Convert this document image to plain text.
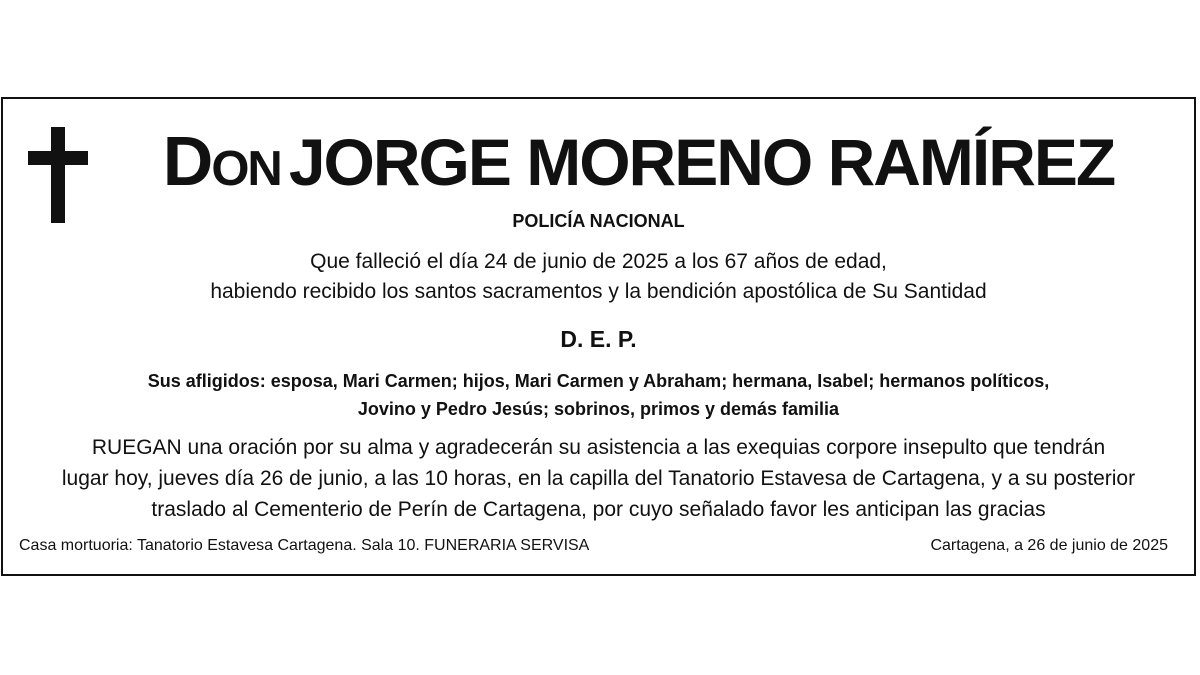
Don JORGE MORENO RAMÍREZ
POLICÍA NACIONAL
Que falleció el día 24 de junio de 2025 a los 67 años de edad,
habiendo recibido los santos sacramentos y la bendición apostólica de Su Santidad
D. E. P.
Sus afligidos: esposa, Mari Carmen; hijos, Mari Carmen y Abraham; hermana, Isabel; hermanos políticos,
Jovino y Pedro Jesús; sobrinos, primos y demás familia
RUEGAN una oración por su alma y agradecerán su asistencia a las exequias corpore insepulto que tendrán
lugar hoy, jueves día 26 de junio, a las 10 horas, en la capilla del Tanatorio Estavesa de Cartagena, y a su posterior
traslado al Cementerio de Perín de Cartagena, por cuyo señalado favor les anticipan las gracias
Casa mortuoria: Tanatorio Estavesa Cartagena. Sala 10. FUNERARIA SERVISA	Cartagena, a 26 de junio de 2025
